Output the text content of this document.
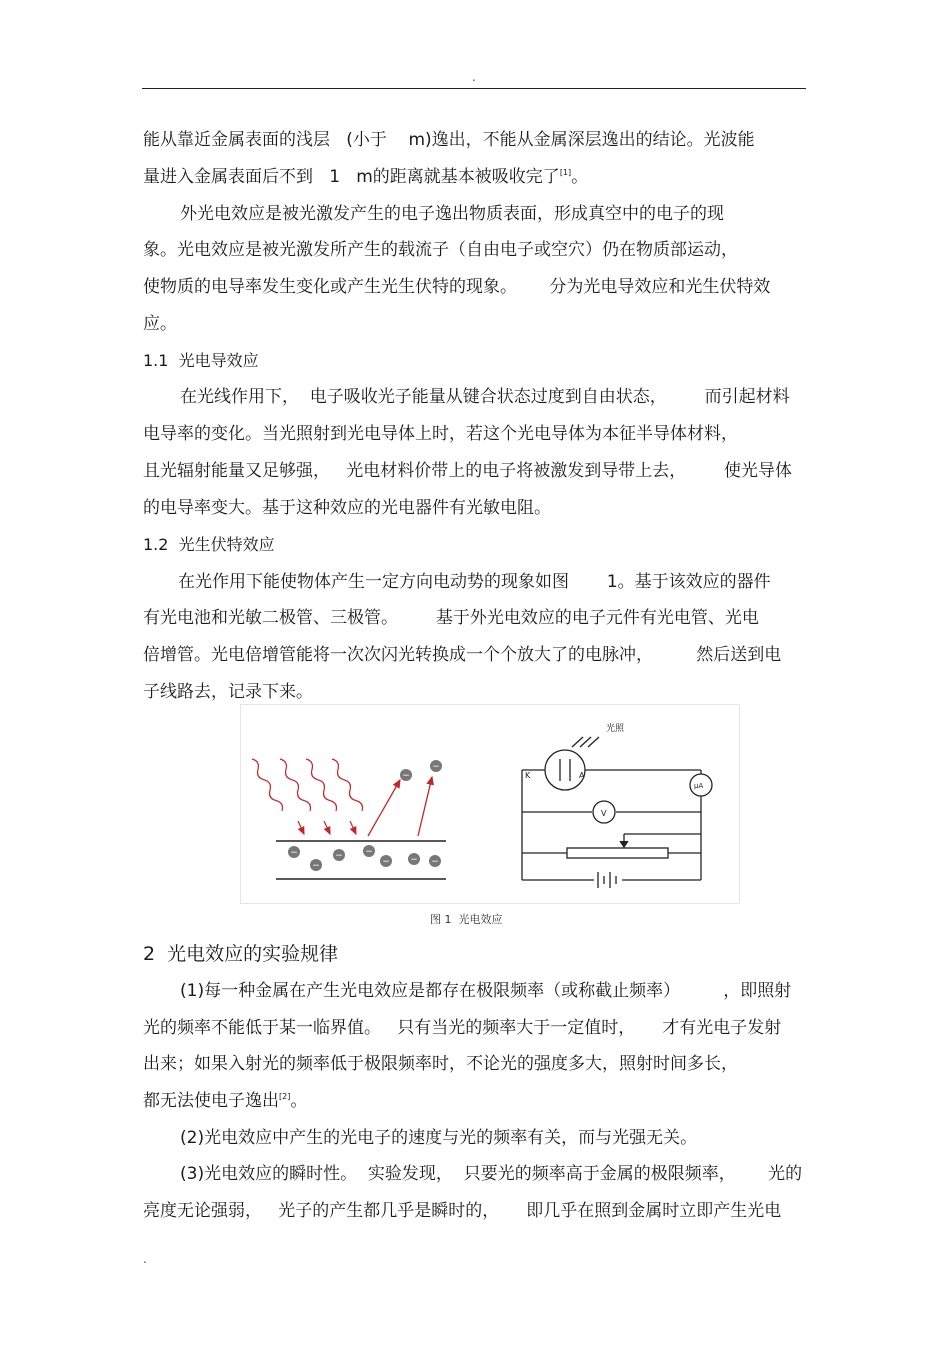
.
能从靠近金属表面的浅层   (小于    m)逸出，不能从金属深层逸出的结论。光波能
量进入金属表面后不到   1   m的距离就基本被吸收完了[1]。
外光电效应是被光激发产生的电子逸出物质表面，形成真空中的电子的现
象。光电效应是被光激发所产生的载流子（自由电子或空穴）仍在物质部运动，
使物质的电导率发生变化或产生光生伏特的现象。      分为光电导效应和光生伏特效
应。
1.1  光电导效应
在光线作用下，  电子吸收光子能量从键合状态过度到自由状态，       而引起材料
电导率的变化。当光照射到光电导体上时，若这个光电导体为本征半导体材料，
且光辐射能量又足够强，   光电材料价带上的电子将被激发到导带上去，       使光导体
的电导率变大。基于这种效应的光电器件有光敏电阻。
1.2  光生伏特效应
在光作用下能使物体产生一定方向电动势的现象如图       1。基于该效应的器件
有光电池和光敏二极管、三极管。       基于外光电效应的电子元件有光电管、光电
倍增管。光电倍增管能将一次次闪光转换成一个个放大了的电脉冲，        然后送到电
子线路去，记录下来。
−
−
− −
− − −
−
−
光照
K	A
μA
V
图 1  光电效应
2  光电效应的实验规律
(1)每一种金属在产生光电效应是都存在极限频率（或称截止频率）        ，即照射
光的频率不能低于某一临界值。   只有当光的频率大于一定值时，     才有光电子发射
出来；如果入射光的频率低于极限频率时，不论光的强度多大，照射时间多长，
都无法使电子逸出[2]。
(2)光电效应中产生的光电子的速度与光的频率有关，而与光强无关。
(3)光电效应的瞬时性。  实验发现，  只要光的频率高于金属的极限频率，      光的
亮度无论强弱，   光子的产生都几乎是瞬时的，     即几乎在照到金属时立即产生光电
.
